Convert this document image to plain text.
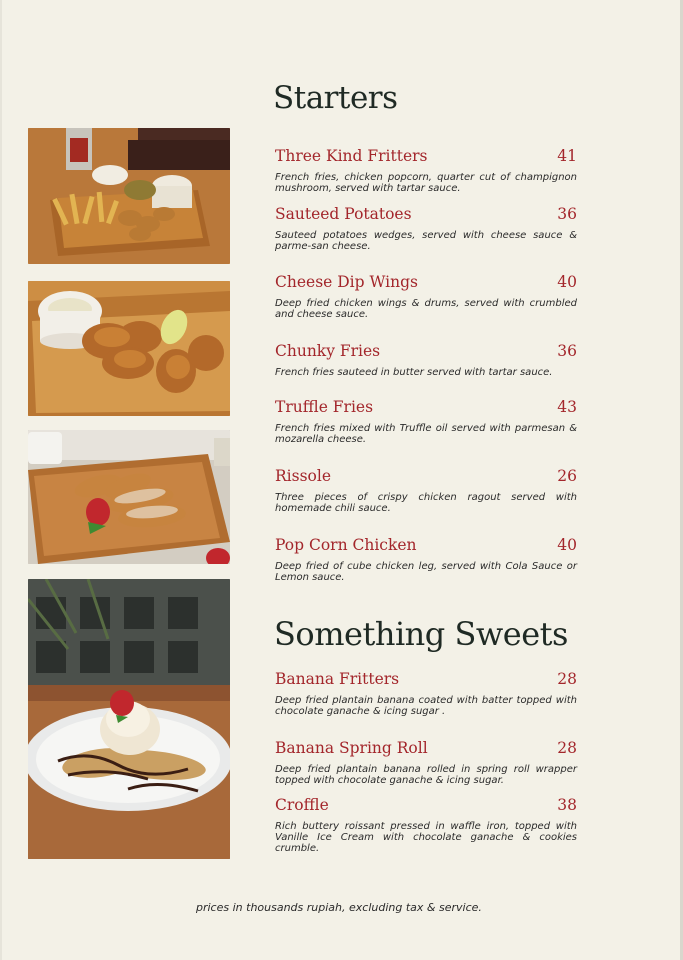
Starters
Three Kind Fritters	41
French fries, chicken popcorn, quarter cut of champignon mushroom, served with tartar sauce.
Sauteed Potatoes	36
Sauteed potatoes wedges, served with cheese sauce & parme-san cheese.
Cheese Dip Wings	40
Deep fried chicken wings & drums, served with crumbled and cheese sauce.
Chunky Fries	36
French fries sauteed in butter served with tartar sauce.
Truffle Fries	43
French fries mixed with Truffle oil served with parmesan & mozarella cheese.
Rissole	26
Three pieces of crispy chicken ragout served with homemade chili sauce.
Pop Corn Chicken	40
Deep fried of cube chicken leg, served with Cola Sauce or Lemon sauce.
Something Sweets
Banana Fritters	28
Deep fried plantain banana coated with batter topped with chocolate ganache & icing sugar .
Banana Spring Roll	28
Deep fried plantain banana rolled in spring roll wrapper topped with chocolate ganache & icing sugar.
Croffle	38
Rich buttery roissant pressed in waffle iron, topped with Vanille Ice Cream with chocolate ganache & cookies crumble.
prices in thousands rupiah, excluding tax & service.
